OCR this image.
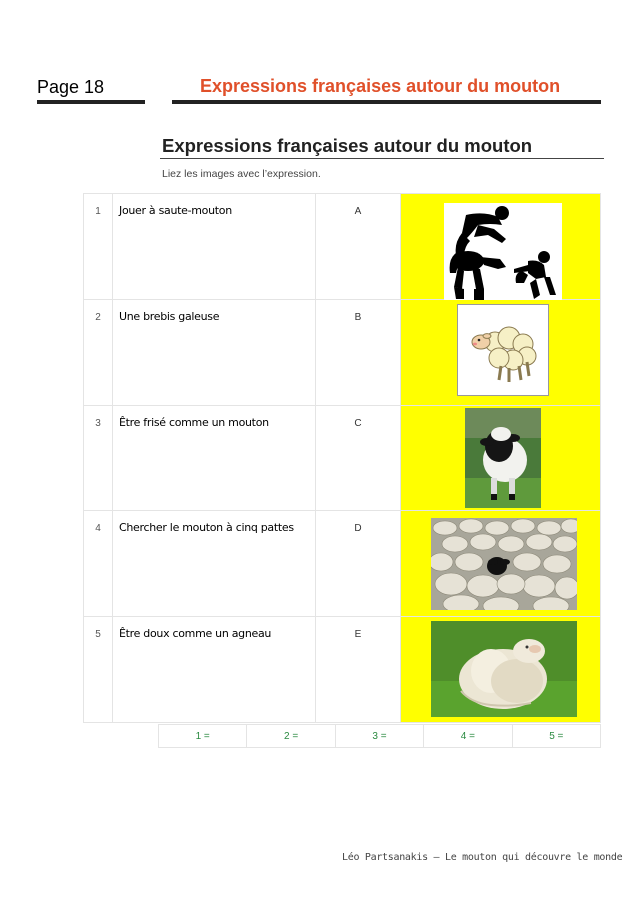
Page 18	Expressions françaises autour du mouton
Expressions françaises autour du mouton
Liez les images avec l’expression.
1	Jouer à saute-mouton	A	

2	Une brebis galeuse	B	

3	Être frisé comme un mouton	C	

4	Chercher le mouton à cinq pattes	D	

5	Être doux comme un agneau	E	
1 =	2 =	3 =	4 =	5 =
Léo Partsanakis – Le mouton qui découvre le monde
